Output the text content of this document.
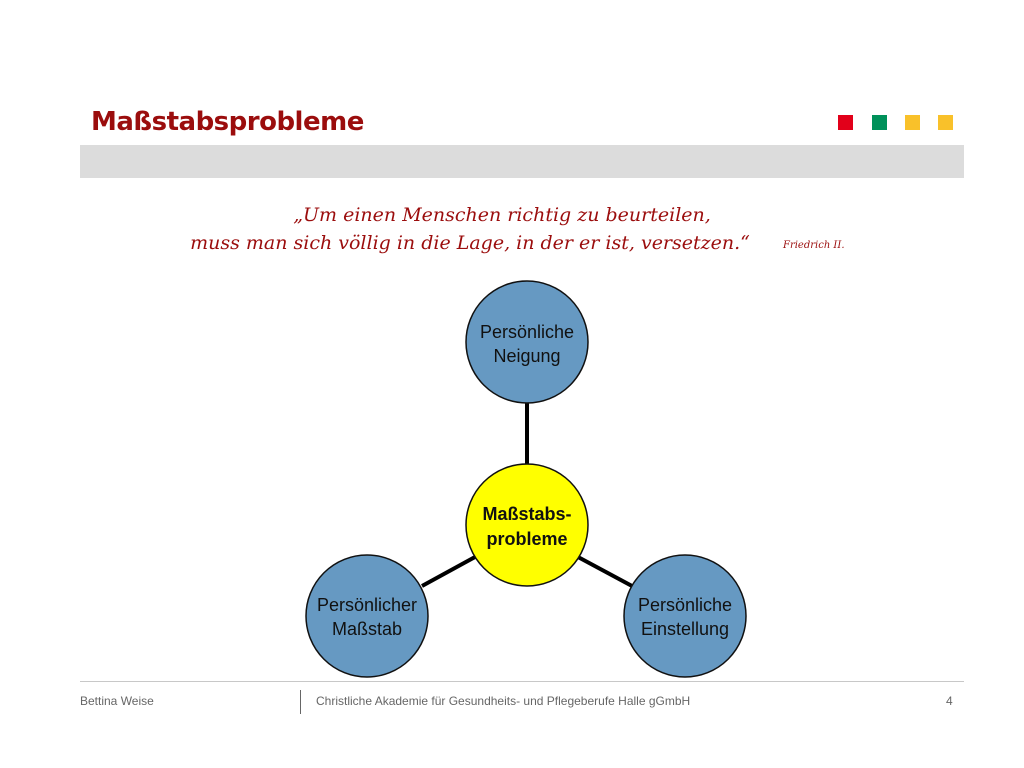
Maßstabsprobleme
„Um einen Menschen richtig zu beurteilen,
muss man sich völlig in die Lage, in der er ist, versetzen.“	Friedrich II.
Persönliche
Neigung
Maßstabs-
probleme
Persönlicher
Maßstab
Persönliche
Einstellung
Bettina Weise	Christliche Akademie für Gesundheits- und Pflegeberufe Halle gGmbH	4
